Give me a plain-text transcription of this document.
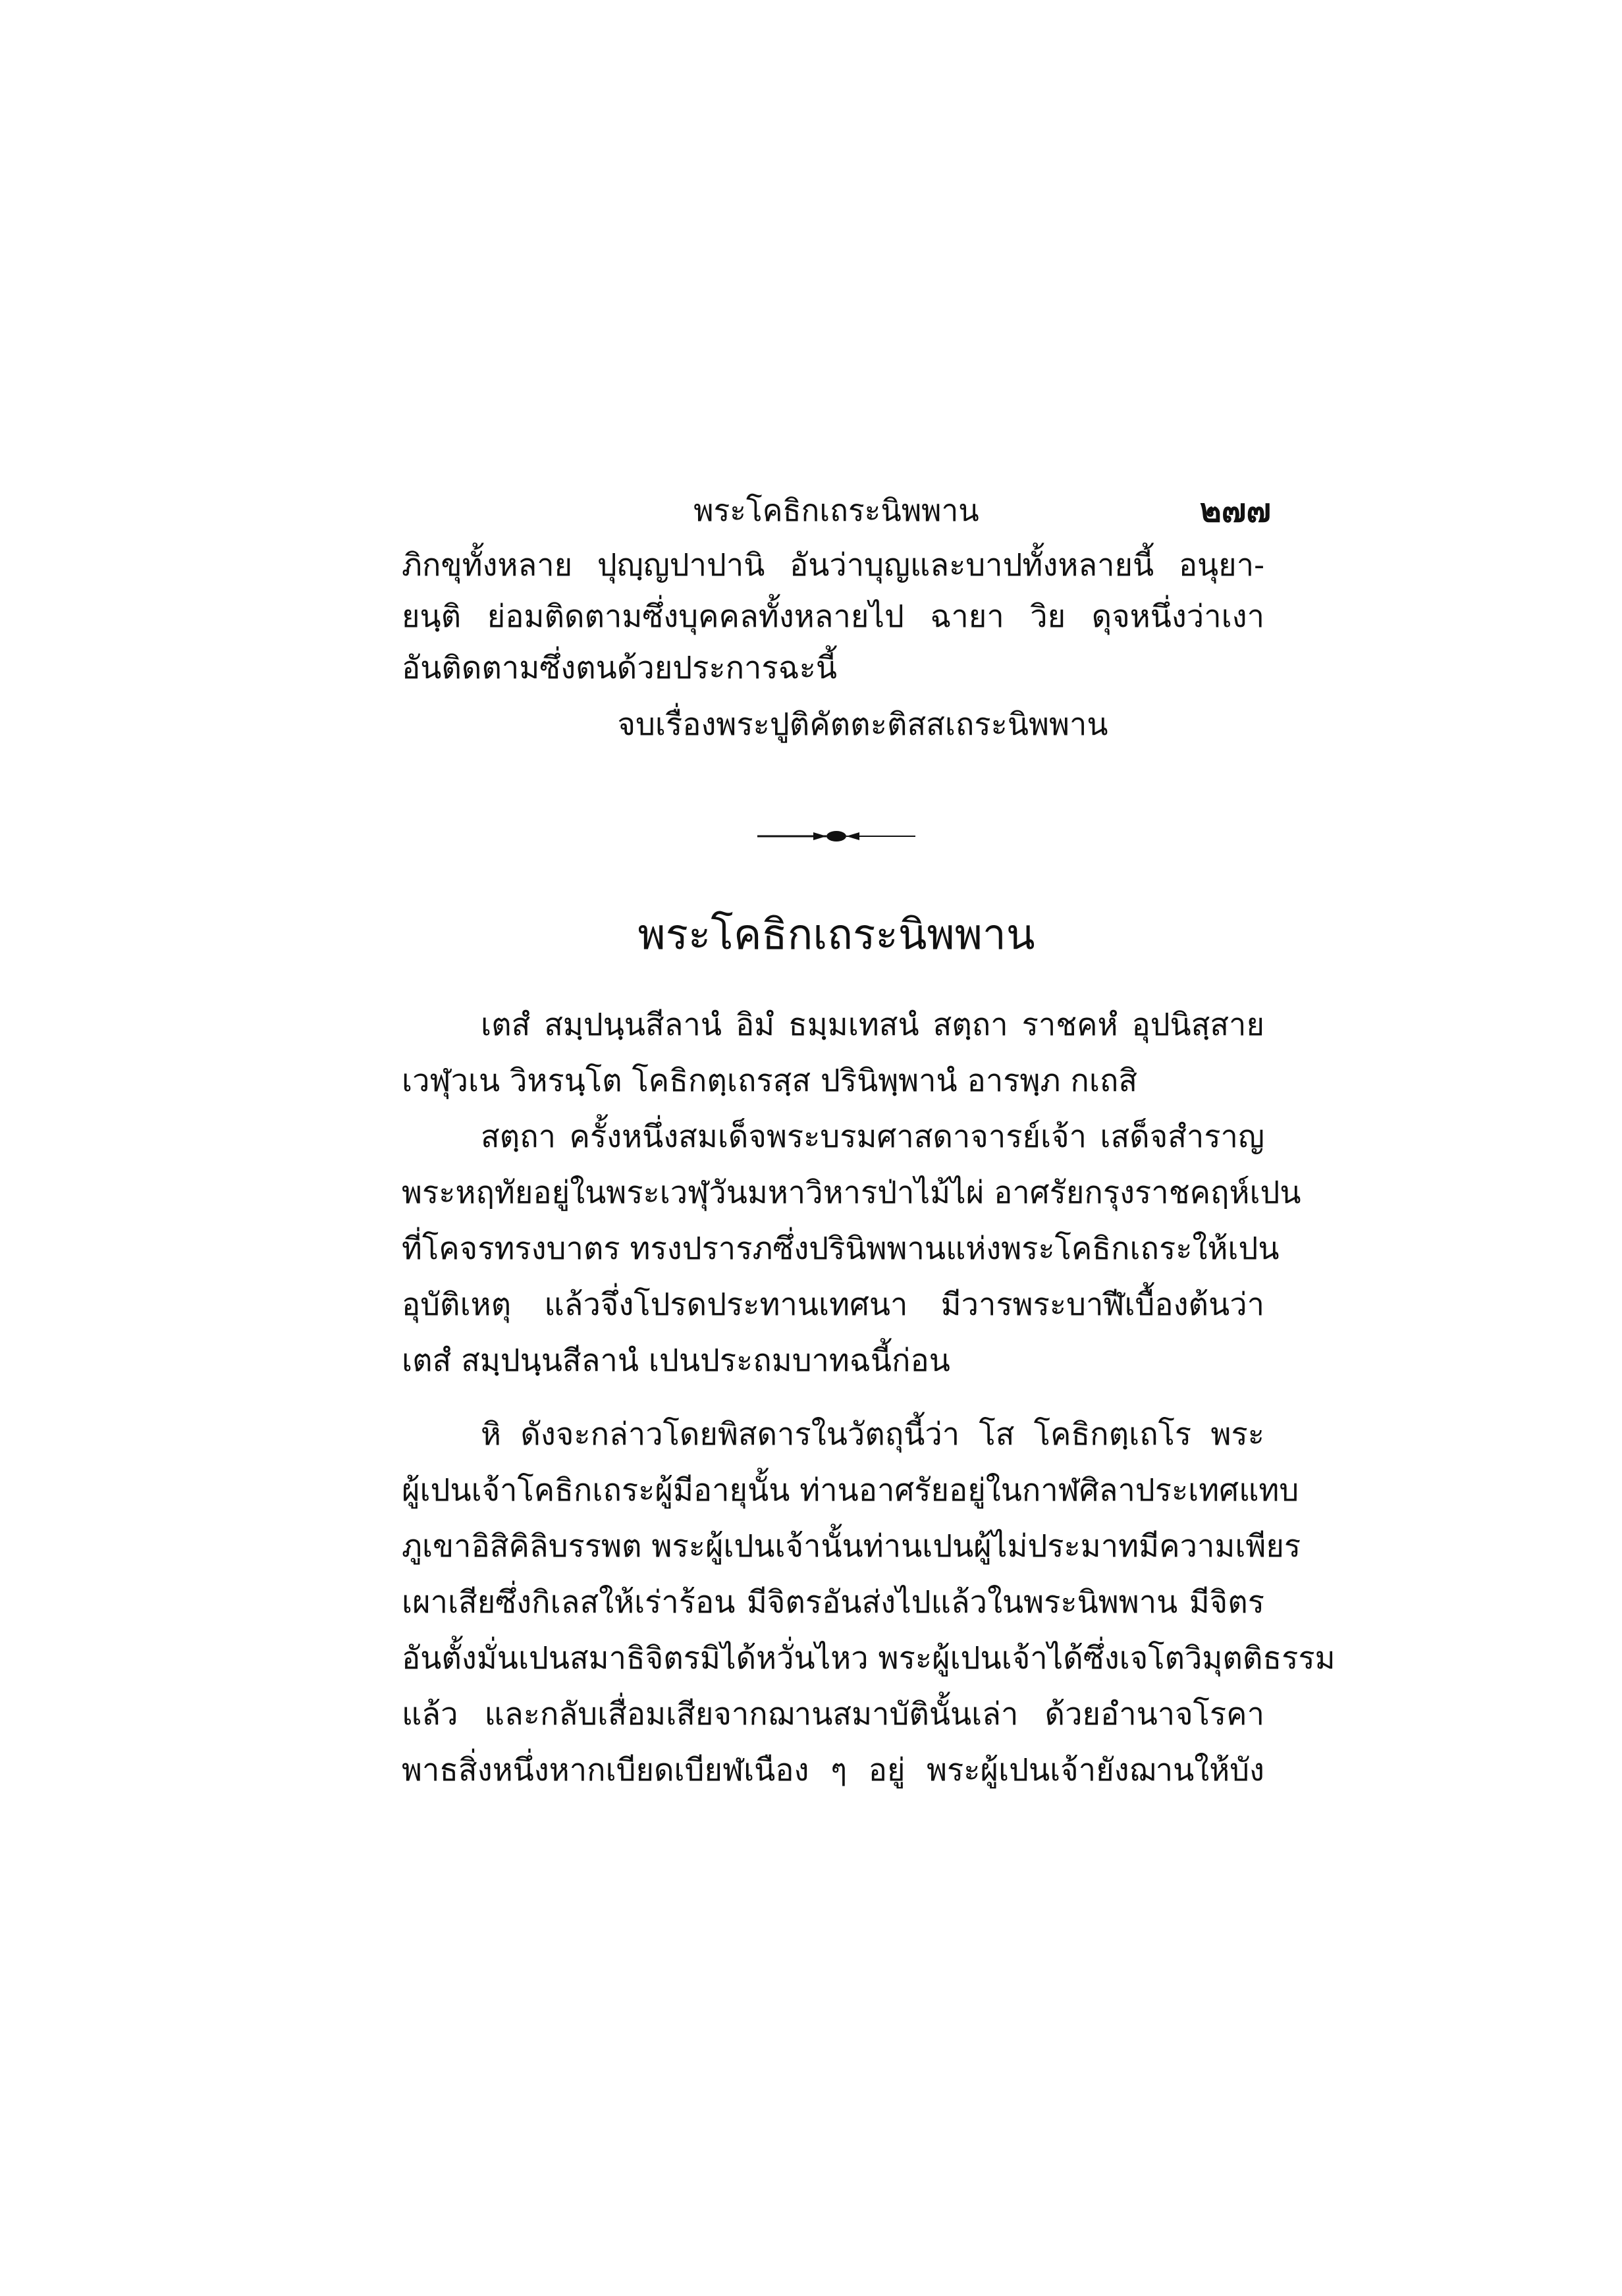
พระโคธิกเถระนิพพาน	๒๗๗
ภิกขุทั้งหลาย ปุญฺญปาปานิ อันว่าบุญและบาปทั้งหลายนี้ อนุยา-
ยนฺติ ย่อมติดตามซึ่งบุคคลทั้งหลายไป ฉายา วิย ดุจหนึ่งว่าเงา
อันติดตามซึ่งตนด้วยประการฉะนี้
จบเรื่องพระปูติคัตตะติสสเถระนิพพาน
พระโคธิกเถระนิพพาน
เตสํ สมฺปนฺนสีลานํ อิมํ ธมฺมเทสนํ สตฺถา ราชคหํ อุปนิสฺสาย
เวฬุวเน วิหรนฺโต โคธิกตฺเถรสฺส ปรินิพฺพานํ อารพฺภ กเถสิ
สตฺถา ครั้งหนึ่งสมเด็จพระบรมศาสดาจารย์เจ้า เสด็จสำราญ
พระหฤทัยอยู่ในพระเวฬุวันมหาวิหารป่าไม้ไผ่ อาศรัยกรุงราชคฤห์เปน
ที่โคจรทรงบาตร ทรงปรารภซึ่งปรินิพพานแห่งพระโคธิกเถระให้เปน
อุบัติเหตุ แล้วจึ่งโปรดประทานเทศนา มีวารพระบาฬีเบื้องต้นว่า
เตสํ สมฺปนฺนสีลานํ เปนประถมบาทฉนี้ก่อน
หิ ดังจะกล่าวโดยพิสดารในวัตถุนี้ว่า โส โคธิกตฺเถโร พระ
ผู้เปนเจ้าโคธิกเถระผู้มีอายุนั้น ท่านอาศรัยอยู่ในกาฬศิลาประเทศแทบ
ภูเขาอิสิคิลิบรรพต พระผู้เปนเจ้านั้นท่านเปนผู้ไม่ประมาทมีความเพียร
เผาเสียซึ่งกิเลสให้เร่าร้อน มีจิตรอันส่งไปแล้วในพระนิพพาน มีจิตร
อันตั้งมั่นเปนสมาธิจิตรมิได้หวั่นไหว พระผู้เปนเจ้าได้ซึ่งเจโตวิมุตติธรรม
แล้ว และกลับเสื่อมเสียจากฌานสมาบัตินั้นเล่า ด้วยอำนาจโรคา
พาธสิ่งหนึ่งหากเบียดเบียฬเนือง ๆ อยู่ พระผู้เปนเจ้ายังฌานให้บัง
